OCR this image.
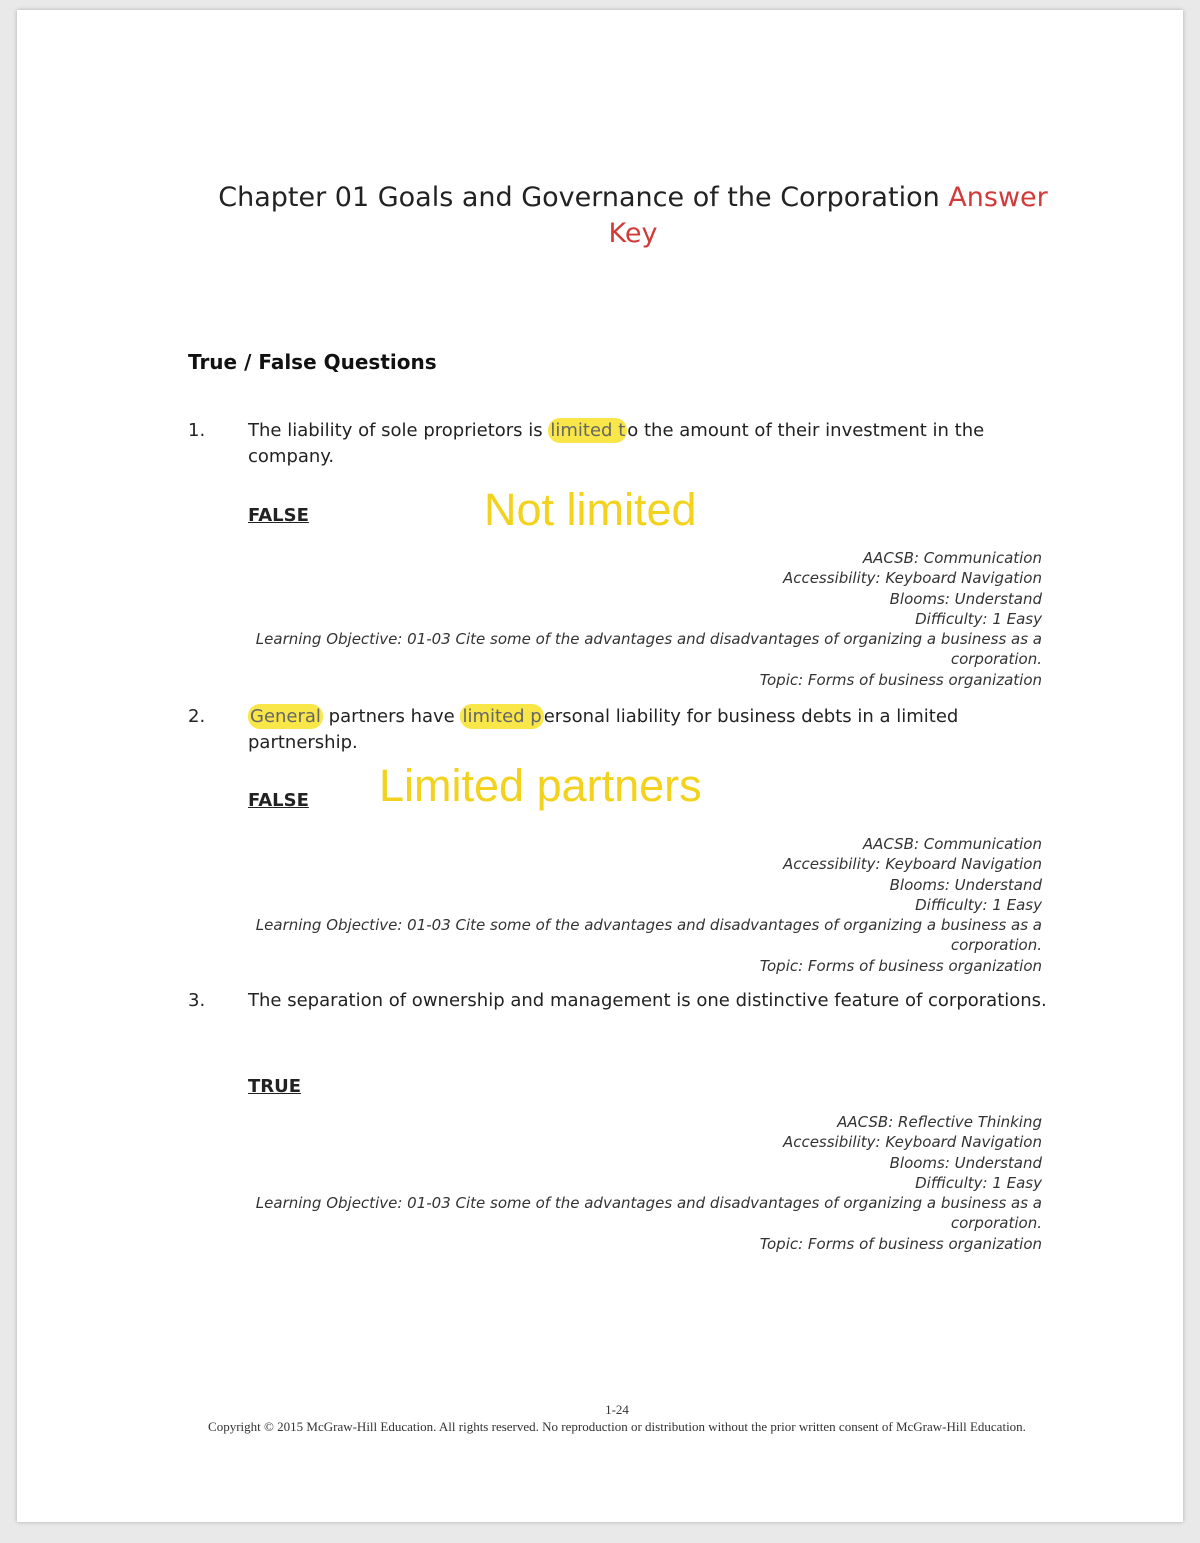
Chapter 01 Goals and Governance of the Corporation Answer
Key
True / False Questions
1. The liability of sole proprietors is limited t o the amount of their investment in the company.
FALSE	Not limited
AACSB: Communication
Accessibility: Keyboard Navigation
Blooms: Understand
Difficulty: 1 Easy
Learning Objective: 01-03 Cite some of the advantages and disadvantages of organizing a business as a corporation.
Topic: Forms of business organization
2. General partners have limited p ersonal liability for business debts in a limited partnership.
FALSE Limited partners
AACSB: Communication
Accessibility: Keyboard Navigation
Blooms: Understand
Difficulty: 1 Easy
Learning Objective: 01-03 Cite some of the advantages and disadvantages of organizing a business as a corporation.
Topic: Forms of business organization
3. The separation of ownership and management is one distinctive feature of corporations.
TRUE
AACSB: Reflective Thinking
Accessibility: Keyboard Navigation
Blooms: Understand
Difficulty: 1 Easy
Learning Objective: 01-03 Cite some of the advantages and disadvantages of organizing a business as a corporation.
Topic: Forms of business organization
1-24
Copyright © 2015 McGraw-Hill Education. All rights reserved. No reproduction or distribution without the prior written consent of McGraw-Hill Education.
